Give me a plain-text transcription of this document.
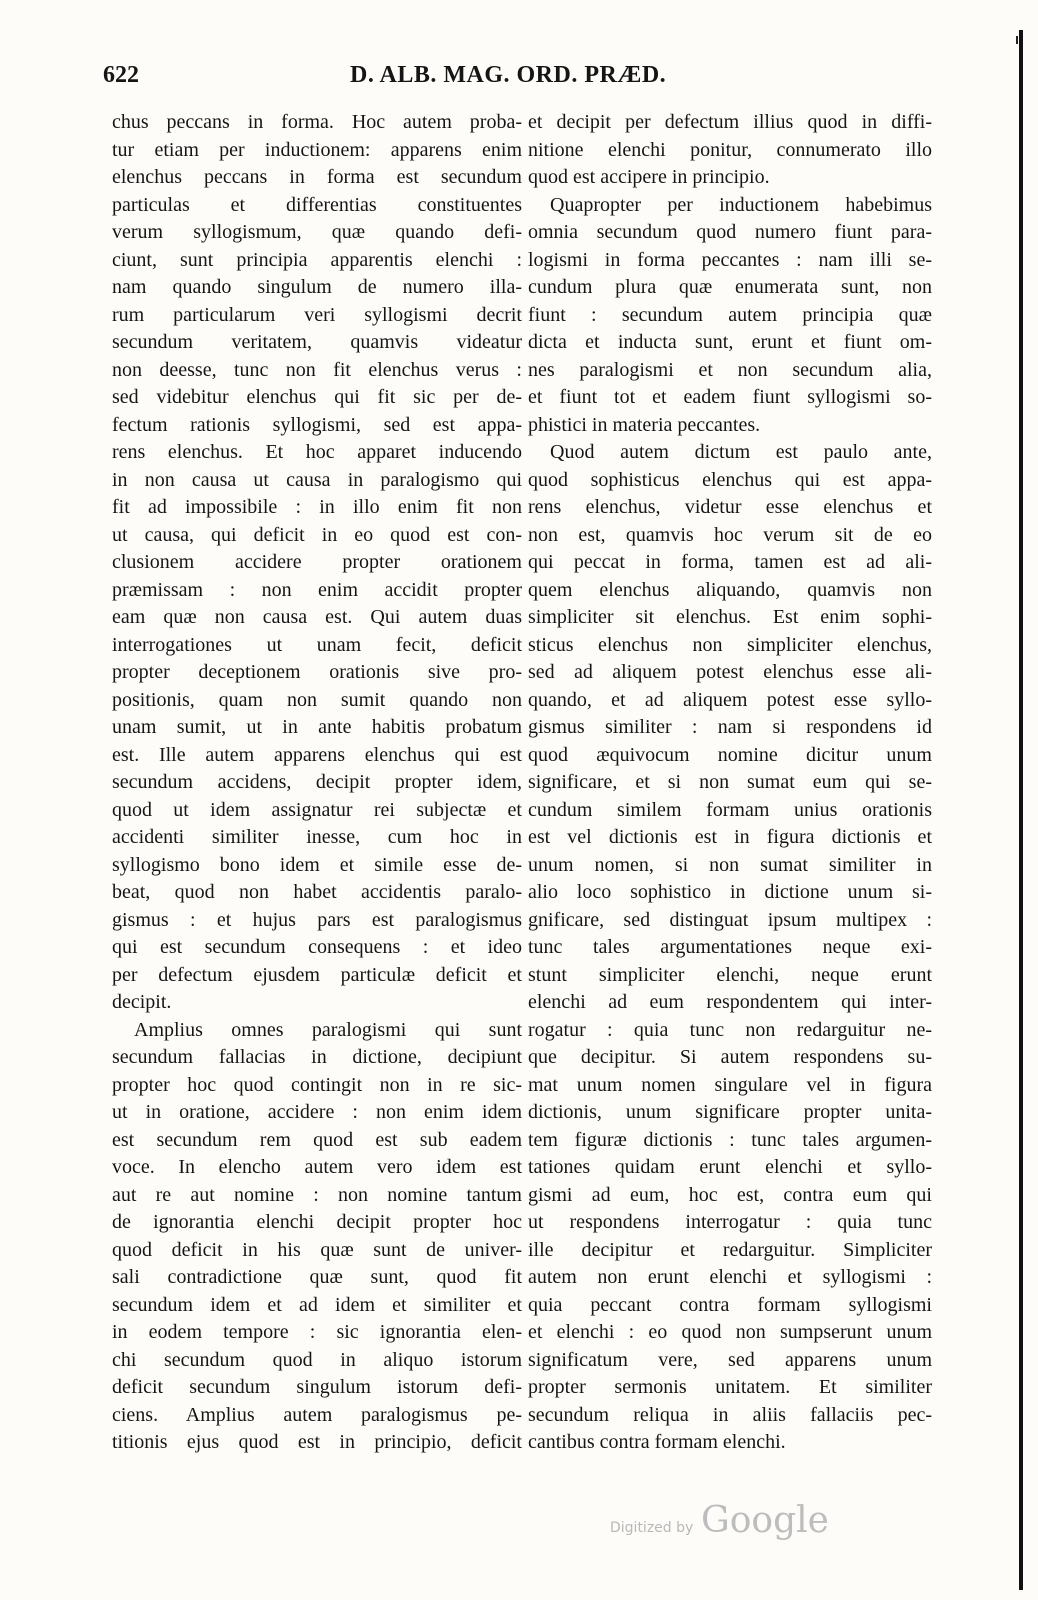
622	D. ALB. MAG. ORD. PRÆD.
chus peccans in forma. Hoc autem proba-
tur etiam per inductionem: apparens enim
elenchus peccans in forma est secundum
particulas et differentias constituentes
verum syllogismum, quæ quando defi-
ciunt, sunt principia apparentis elenchi :
nam quando singulum de numero illa-
rum particularum veri syllogismi decrit
secundum veritatem, quamvis videatur
non deesse, tunc non fit elenchus verus :
sed videbitur elenchus qui fit sic per de-
fectum rationis syllogismi, sed est appa-
rens elenchus. Et hoc apparet inducendo
in non causa ut causa in paralogismo qui
fit ad impossibile : in illo enim fit non
ut causa, qui deficit in eo quod est con-
clusionem accidere propter orationem
præmissam : non enim accidit propter
eam quæ non causa est. Qui autem duas
interrogationes ut unam fecit, deficit
propter deceptionem orationis sive pro-
positionis, quam non sumit quando non
unam sumit, ut in ante habitis probatum
est. Ille autem apparens elenchus qui est
secundum accidens, decipit propter idem,
quod ut idem assignatur rei subjectæ et
accidenti similiter inesse, cum hoc in
syllogismo bono idem et simile esse de-
beat, quod non habet accidentis paralo-
gismus : et hujus pars est paralogismus
qui est secundum consequens : et ideo
per defectum ejusdem particulæ deficit et
decipit.
Amplius omnes paralogismi qui sunt
secundum fallacias in dictione, decipiunt
propter hoc quod contingit non in re sic-
ut in oratione, accidere : non enim idem
est secundum rem quod est sub eadem
voce. In elencho autem vero idem est
aut re aut nomine : non nomine tantum
de ignorantia elenchi decipit propter hoc
quod deficit in his quæ sunt de univer-
sali contradictione quæ sunt, quod fit
secundum idem et ad idem et similiter et
in eodem tempore : sic ignorantia elen-
chi secundum quod in aliquo istorum
deficit secundum singulum istorum defi-
ciens. Amplius autem paralogismus pe-
titionis ejus quod est in principio, deficit
et decipit per defectum illius quod in diffi-
nitione elenchi ponitur, connumerato illo
quod est accipere in principio.
Quapropter per inductionem habebimus
omnia secundum quod numero fiunt para-
logismi in forma peccantes : nam illi se-
cundum plura quæ enumerata sunt, non
fiunt : secundum autem principia quæ
dicta et inducta sunt, erunt et fiunt om-
nes paralogismi et non secundum alia,
et fiunt tot et eadem fiunt syllogismi so-
phistici in materia peccantes.
Quod autem dictum est paulo ante,
quod sophisticus elenchus qui est appa-
rens elenchus, videtur esse elenchus et
non est, quamvis hoc verum sit de eo
qui peccat in forma, tamen est ad ali-
quem elenchus aliquando, quamvis non
simpliciter sit elenchus. Est enim sophi-
sticus elenchus non simpliciter elenchus,
sed ad aliquem potest elenchus esse ali-
quando, et ad aliquem potest esse syllo-
gismus similiter : nam si respondens id
quod æquivocum nomine dicitur unum
significare, et si non sumat eum qui se-
cundum similem formam unius orationis
est vel dictionis est in figura dictionis et
unum nomen, si non sumat similiter in
alio loco sophistico in dictione unum si-
gnificare, sed distinguat ipsum multipex :
tunc tales argumentationes neque exi-
stunt simpliciter elenchi, neque erunt
elenchi ad eum respondentem qui inter-
rogatur : quia tunc non redarguitur ne-
que decipitur. Si autem respondens su-
mat unum nomen singulare vel in figura
dictionis, unum significare propter unita-
tem figuræ dictionis : tunc tales argumen-
tationes quidam erunt elenchi et syllo-
gismi ad eum, hoc est, contra eum qui
ut respondens interrogatur : quia tunc
ille decipitur et redarguitur. Simpliciter
autem non erunt elenchi et syllogismi :
quia peccant contra formam syllogismi
et elenchi : eo quod non sumpserunt unum
significatum vere, sed apparens unum
propter sermonis unitatem. Et similiter
secundum reliqua in aliis fallaciis pec-
cantibus contra formam elenchi.
Digitized by Google
